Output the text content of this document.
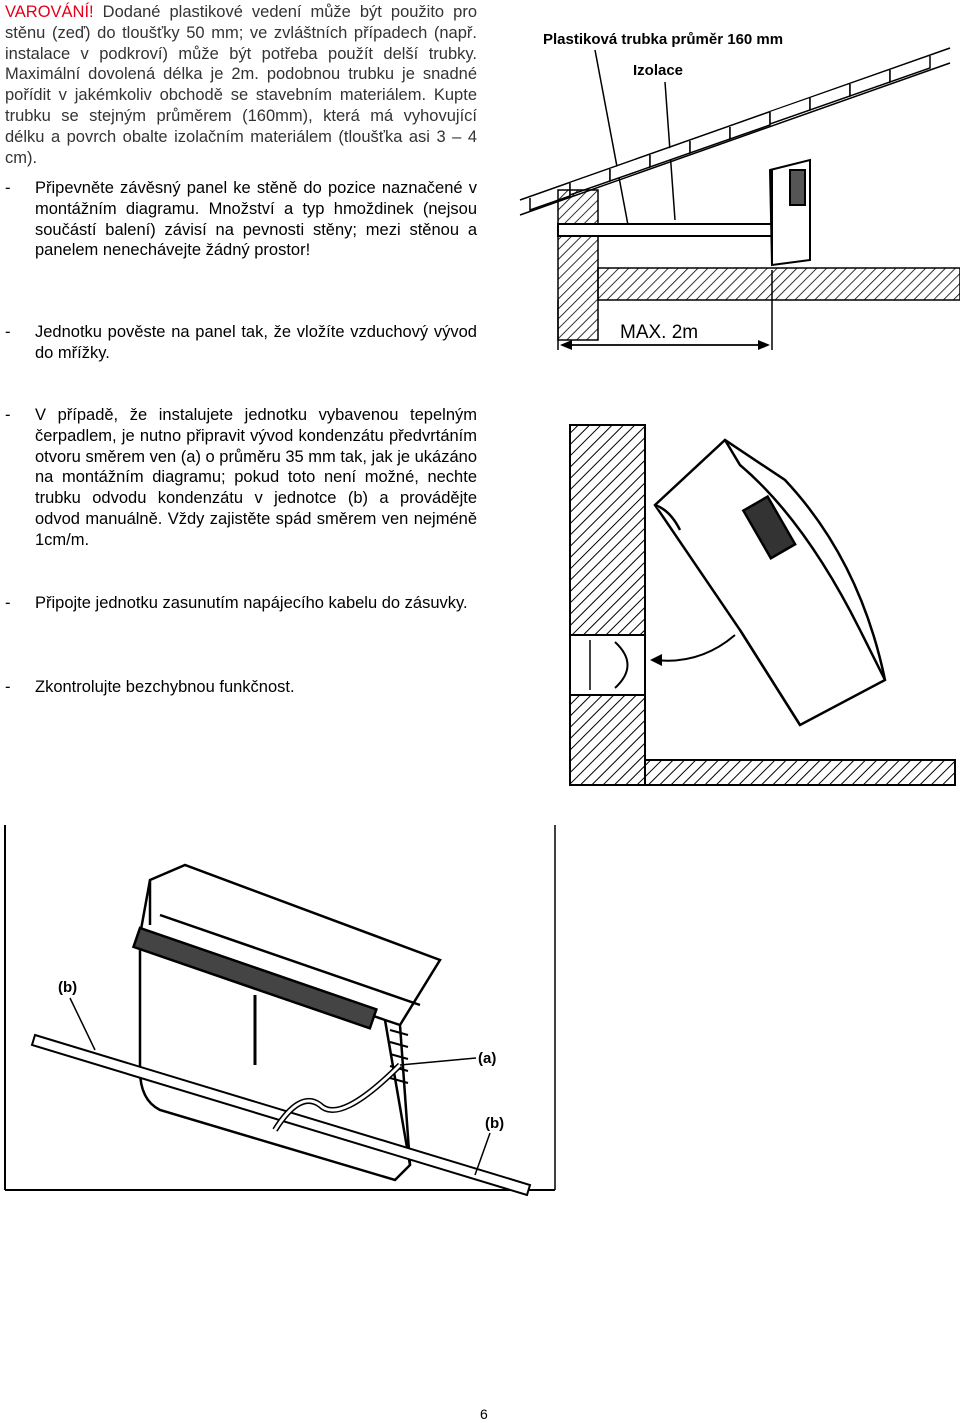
VAROVÁNÍ! Dodané plastikové vedení může být použito pro stěnu (zeď) do tloušťky 50 mm; ve zvláštních případech (např. instalace v podkroví) může být potřeba použít delší trubky. Maximální dovolená délka je 2m. podobnou trubku je snadné pořídit v jakémkoliv obchodě se stavebním materiálem. Kupte trubku se stejným průměrem (160mm), která má vyhovující délku a povrch obalte izolačním materiálem (tloušťka asi 3 – 4 cm).
- Připevněte závěsný panel ke stěně do pozice naznačené v montážním diagramu. Množství a typ hmoždinek (nejsou součástí balení) závisí na pevnosti stěny; mezi stěnou a panelem nenechávejte žádný prostor!
- Jednotku pověste na panel tak, že vložíte vzduchový vývod do mřížky.
- V případě, že instalujete jednotku vybavenou tepelným čerpadlem, je nutno připravit vývod kondenzátu předvrtáním otvoru směrem ven (a) o průměru 35 mm tak, jak je ukázáno na montážním diagramu; pokud toto není možné, nechte trubku odvodu kondenzátu v jednotce (b) a provádějte odvod manuálně. Vždy zajistěte spád směrem ven nejméně 1cm/m.
- Připojte jednotku zasunutím napájecího kabelu do zásuvky.
- Zkontrolujte bezchybnou funkčnost.
Plastiková trubka průměr 160 mm
Izolace
MAX. 2m
(b)
(a)
(b)
6
